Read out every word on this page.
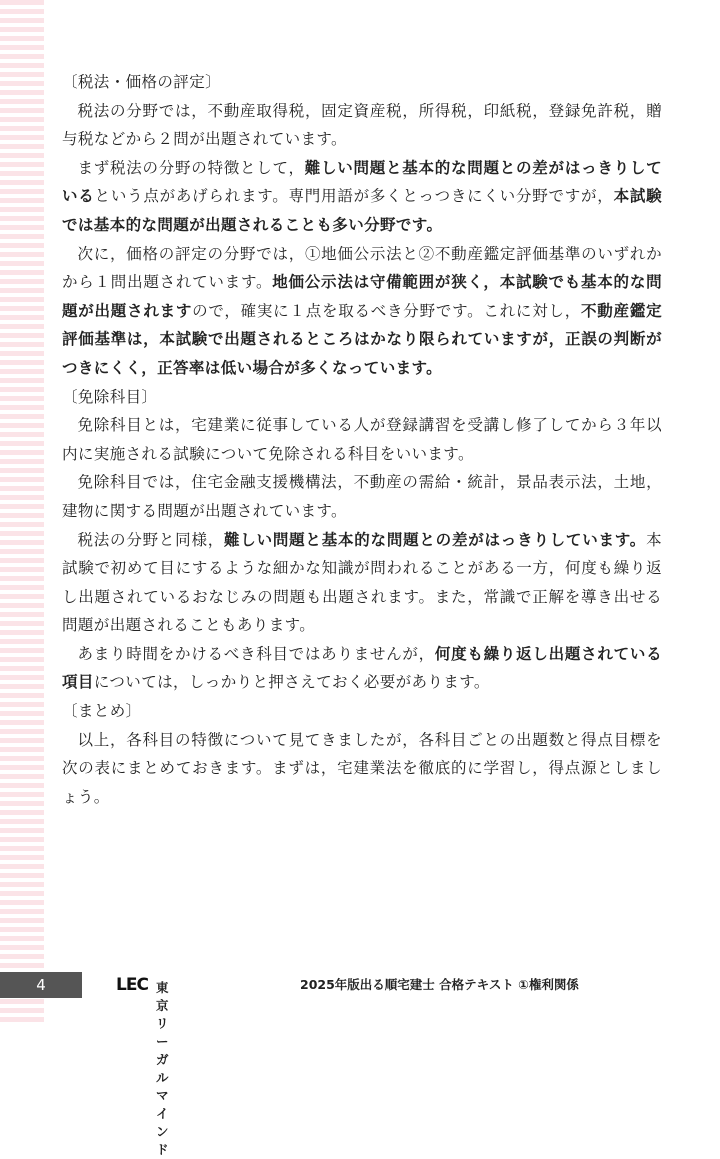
〔税法・価格の評定〕

税法の分野では，不動産取得税，固定資産税，所得税，印紙税，登録免許税，贈与税などから２問が出題されています。

まず税法の分野の特徴として，難しい問題と基本的な問題との差がはっきりしているという点があげられます。専門用語が多くとっつきにくい分野ですが，本試験では基本的な問題が出題されることも多い分野です。

次に，価格の評定の分野では，①地価公示法と②不動産鑑定評価基準のいずれかから１問出題されています。地価公示法は守備範囲が狭く，本試験でも基本的な問題が出題されますので，確実に１点を取るべき分野です。これに対し，不動産鑑定評価基準は，本試験で出題されるところはかなり限られていますが，正誤の判断がつきにくく，正答率は低い場合が多くなっています。

〔免除科目〕

免除科目とは，宅建業に従事している人が登録講習を受講し修了してから３年以内に実施される試験について免除される科目をいいます。

免除科目では，住宅金融支援機構法，不動産の需給・統計，景品表示法，土地，建物に関する問題が出題されています。

税法の分野と同様，難しい問題と基本的な問題との差がはっきりしています。本試験で初めて目にするような細かな知識が問われることがある一方，何度も繰り返し出題されているおなじみの問題も出題されます。また，常識で正解を導き出せる問題が出題されることもあります。

あまり時間をかけるべき科目ではありませんが，何度も繰り返し出題されている項目については，しっかりと押さえておく必要があります。

〔まとめ〕

以上，各科目の特徴について見てきましたが，各科目ごとの出題数と得点目標を次の表にまとめておきます。まずは，宅建業法を徹底的に学習し，得点源としましょう。

4	LEC 東京リーガルマインド
2025年版出る順宅建士 合格テキスト ①権利関係
